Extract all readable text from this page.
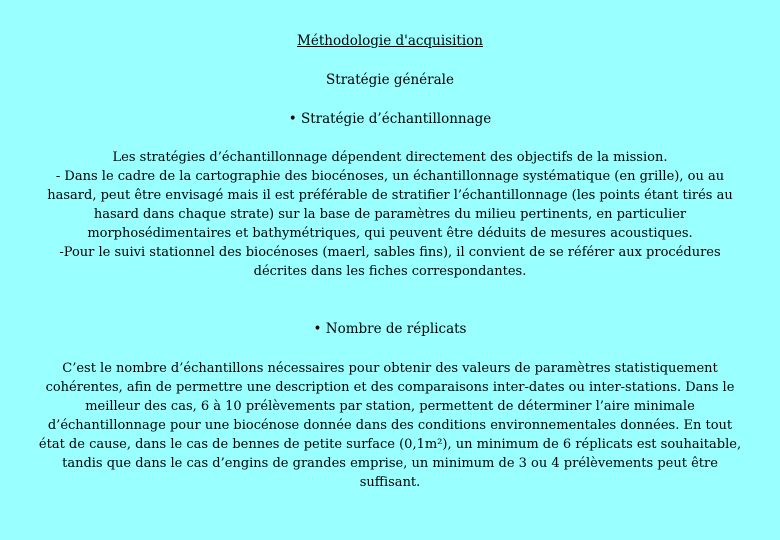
Méthodologie d'acquisition
Stratégie générale
• Stratégie d’échantillonnage
Les stratégies d’échantillonnage dépendent directement des objectifs de la mission.
- Dans le cadre de la cartographie des biocénoses, un échantillonnage systématique (en grille), ou au
hasard, peut être envisagé mais il est préférable de stratifier l’échantillonnage (les points étant tirés au
hasard dans chaque strate) sur la base de paramètres du milieu pertinents, en particulier
morphosédimentaires et bathymétriques, qui peuvent être déduits de mesures acoustiques.
-Pour le suivi stationnel des biocénoses (maerl, sables fins), il convient de se référer aux procédures
décrites dans les fiches correspondantes.
• Nombre de réplicats
C’est le nombre d’échantillons nécessaires pour obtenir des valeurs de paramètres statistiquement
cohérentes, afin de permettre une description et des comparaisons inter-dates ou inter-stations. Dans le
meilleur des cas, 6 à 10 prélèvements par station, permettent de déterminer l’aire minimale
d’échantillonnage pour une biocénose donnée dans des conditions environnementales données. En tout
état de cause, dans le cas de bennes de petite surface (0,1m²), un minimum de 6 réplicats est souhaitable,
tandis que dans le cas d’engins de grandes emprise, un minimum de 3 ou 4 prélèvements peut être
suffisant.
